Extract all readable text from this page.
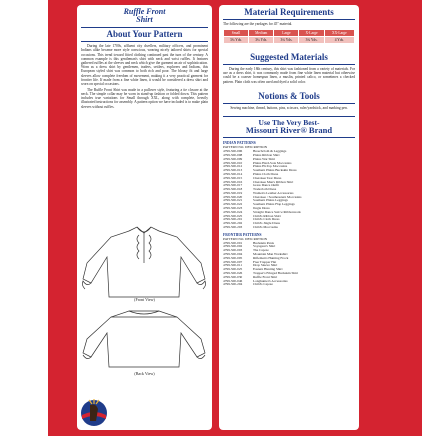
Ruffle Front
Shirt
About Your Pattern

During the late 1700s, affluent city dwellers, military officers, and prominent Indians alike became more style conscious, wearing nicely tailored shirts for special occasions. This trend toward fitted clothing continued past the turn of the century. A common example is this gentleman's shirt with neck and wrist ruffles. It features gathered ruffles at the sleeves and neck which give the garment an air of sophistication. Worn as a dress shirt by gentlemen, traders, settlers, explorers and Indians, this European styled shirt was common to both rich and poor. The blousy fit and large sleeves allow complete freedom of movement, making it a very practical garment for frontier life. If made from a fine white linen, it would be considered a dress shirt and worn on special occasions.

The Ruffle Front Shirt was made in a pullover style, featuring a tie closure at the neck. The simple collar may be worn in stand-up fashion or folded down. This pattern includes true variations for Small through XXL, along with complete, heavily illustrated instructions for assembly. A pattern option we have included is to make plain sleeves without ruffles.

(Front View)
(Back View)
Material Requirements
The following are the yardages for 45" material.
Small	Medium	Large	X-Large	XX-Large
3¾ Yds.	3¾ Yds.	3¾ Yds.	3¾ Yds.	4 Yds.
Suggested Materials

During the early 18th century, this shirt was fashioned from a variety of materials. For use as a dress shirt, it was commonly made from fine white linen material but otherwise could be a coarser homespun linen, a muslin, printed calico, or sometimes a checked pattern. Plain cloth was often used and dyed a solid color.

Notions & Tools
Sewing machine, thread, buttons, pins, scissors, ruler/yardstick, and marking pen.
Use The Very Best-
Missouri River® Brand
INDIAN PATTERNS
PATTERN NO. DESCRIPTION
4799-500-006	Breechcloth & Leggings
4799-500-008	Plains Ribbon Shirt
4799-500-009	Plains War Shirt
4799-500-010	Plains Hard-Sole Moccasins
4799-500-012	Plains Hi-Top Moccasins
4799-500-013	Southern Plains Buckskin Dress
4799-500-014	Plains Cloth Dress
4799-500-015	Cherokee Tear Dress
4799-500-016	Cherokee Man's Ribbon Shirt
4799-500-017	Grass Dance Outfit
4799-500-018	Tradecloth Dress
4799-500-019	Women's Leather Accessories
4799-500-020	Cherokee / Southeastern Moccasins
4799-500-021	Southern Plains Leggings
4799-500-022	Southern Plains Flap Leggings
4799-500-023	Jingle Dress
4799-500-024	Straight Dance Suit w/Ribbonwork
4799-500-025	Child's Ribbon Shirt
4799-500-201	Child's Cloth Dress
4799-500-202	Child's Jingle Dress
4799-500-203	Child's Moccasins
FRONTIER PATTERNS
PATTERN NO. DESCRIPTION
4799-500-001	Buckskin Pants
4799-500-002	Voyageur's Shirt
4799-500-003	The Capote
4799-500-004	Mountain Man Workshirt
4799-500-005	Rifleman's Hunting Frock
4799-500-007	Free Trapper Hat
4799-500-011	Drop Sleeve Shirt
4799-500-025	Eastern Hunting Shirt
4799-500-026	Trapper's Fringed Buckskin Shirt
4799-500-030	Ruffle Front Shirt
4799-500-046	Longhunter's Accessories
4799-500-204	Child's Capote
